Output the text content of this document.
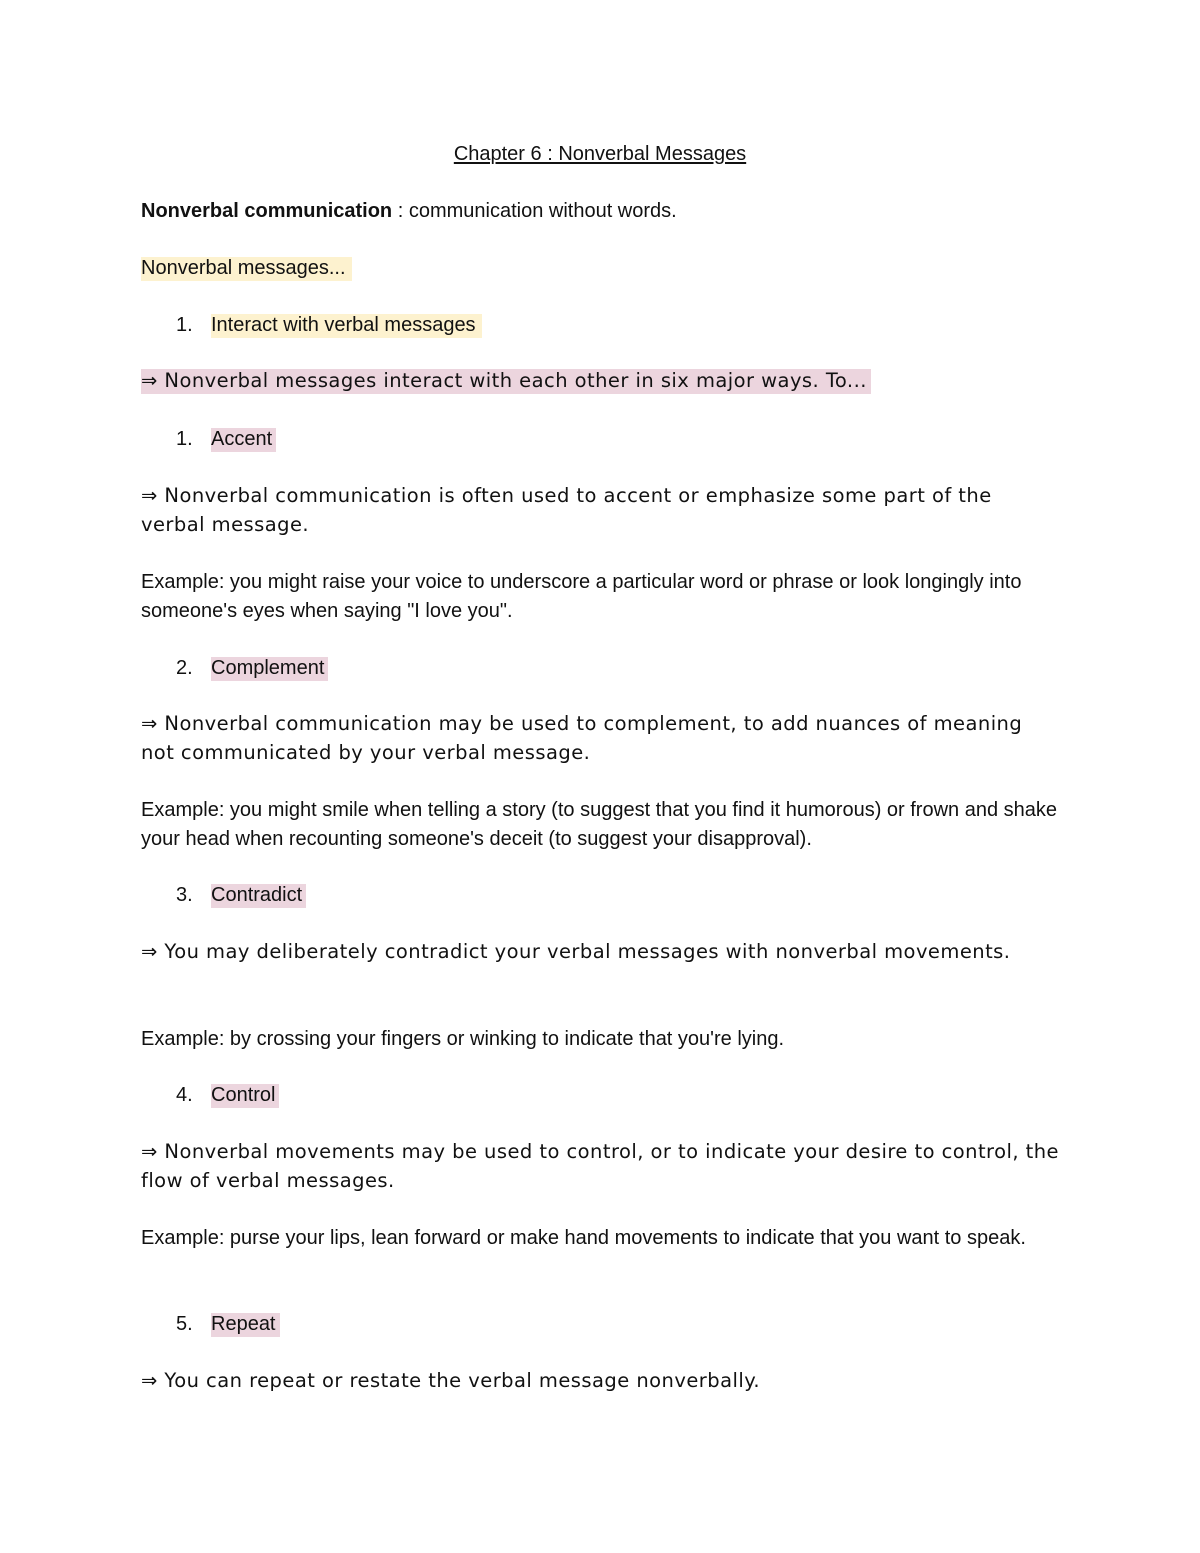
Chapter 6 : Nonverbal Messages
Nonverbal communication : communication without words.
Nonverbal messages...
1. Interact with verbal messages
⇒ Nonverbal messages interact with each other in six major ways. To...
1. Accent
⇒ Nonverbal communication is often used to accent or emphasize some part of the verbal message.
Example: you might raise your voice to underscore a particular word or phrase or look longingly into someone's eyes when saying "I love you".
2. Complement
⇒ Nonverbal communication may be used to complement, to add nuances of meaning not communicated by your verbal message.
Example: you might smile when telling a story (to suggest that you find it humorous) or frown and shake your head when recounting someone's deceit (to suggest your disapproval).
3. Contradict
⇒ You may deliberately contradict your verbal messages with nonverbal movements.
Example: by crossing your fingers or winking to indicate that you're lying.
4. Control
⇒ Nonverbal movements may be used to control, or to indicate your desire to control, the flow of verbal messages.
Example: purse your lips, lean forward or make hand movements to indicate that you want to speak.
5. Repeat
⇒ You can repeat or restate the verbal message nonverbally.
